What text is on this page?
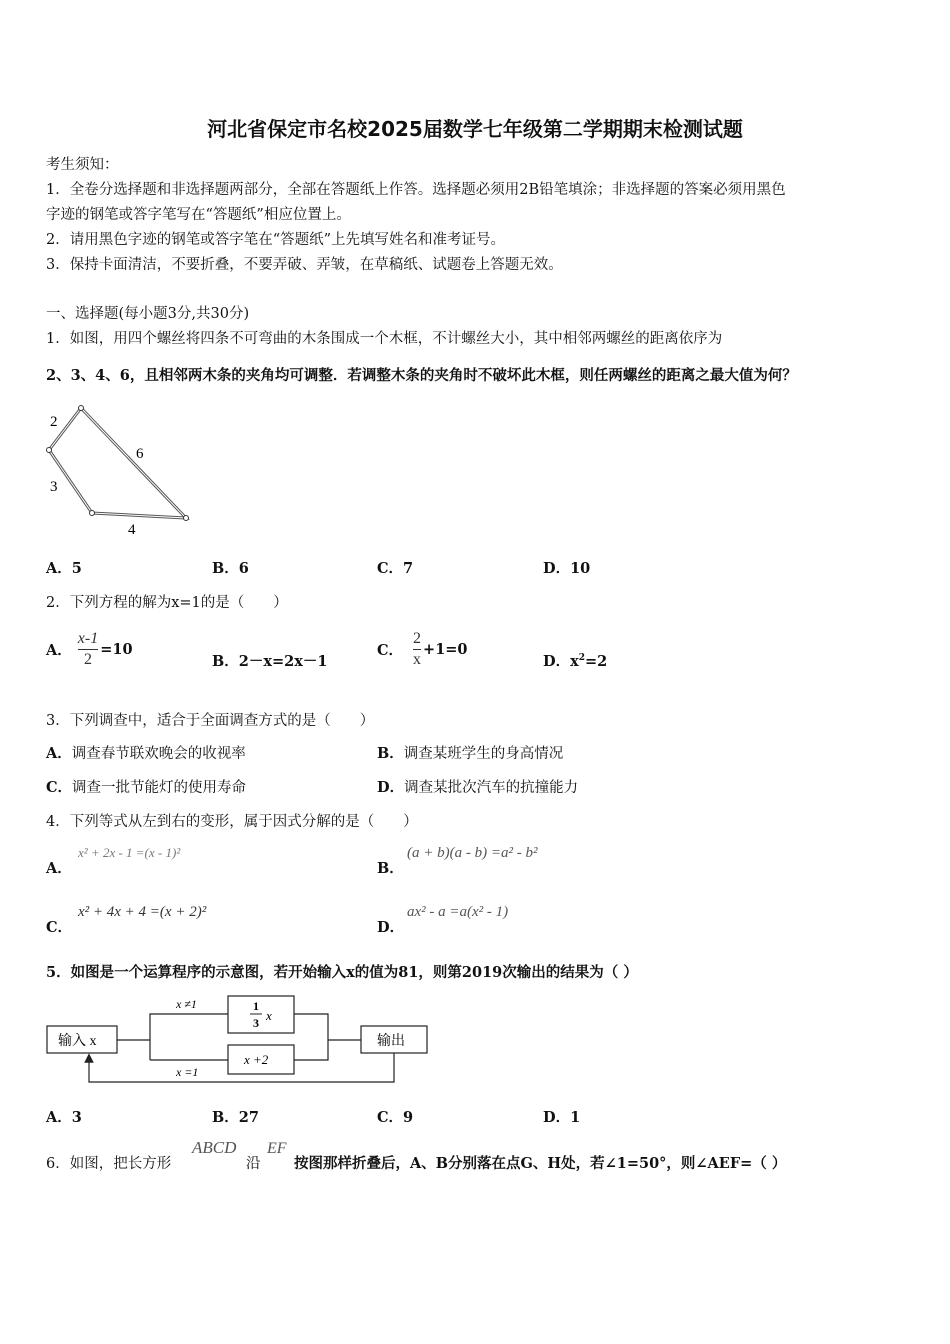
河北省保定市名校2025届数学七年级第二学期期末检测试题
考生须知：
1．全卷分选择题和非选择题两部分，全部在答题纸上作答。选择题必须用2B铅笔填涂；非选择题的答案必须用黑色
字迹的钢笔或答字笔写在“答题纸”相应位置上。
2．请用黑色字迹的钢笔或答字笔在“答题纸”上先填写姓名和准考证号。
3．保持卡面清洁，不要折叠，不要弄破、弄皱，在草稿纸、试题卷上答题无效。
一、选择题(每小题3分,共30分)
1．如图，用四个螺丝将四条不可弯曲的木条围成一个木框，不计螺丝大小，其中相邻两螺丝的距离依序为
2、3、4、6，且相邻两木条的夹角均可调整．若调整木条的夹角时不破坏此木框，则任两螺丝的距离之最大值为何？
2
6
3
4
A．5	B．6	C．7	D．10
2．下列方程的解为x=1的是（　　）
A． $\frac{x-1}{2} =10$
B．2－x=2x－1
C． $\frac{2}{x} +1=0$
D．$x^2=2$
3．下列调查中，适合于全面调查方式的是（　　）
A．调查春节联欢晚会的收视率	B．调查某班学生的身高情况
C．调查一批节能灯的使用寿命	D．调查某批次汽车的抗撞能力
4．下列等式从左到右的变形，属于因式分解的是（　　）
A．
x² + 2x - 1 =(x - 1)²
B．
(a + b)(a - b) =a² - b²
C．
x² + 4x + 4 =(x + 2)²
D．
ax² - a =a(x² - 1)
5．如图是一个运算程序的示意图，若开始输入x的值为81，则第2019次输出的结果为（ ）
输入 x	输出
1
3 x
x +2
x ≠1
x =1
A．3	B．27	C．9	D．1
6．如图，把长方形
ABCD
沿
EF
按图那样折叠后，A、B分别落在点G、H处，若∠1=50°，则∠AEF=（ ）
